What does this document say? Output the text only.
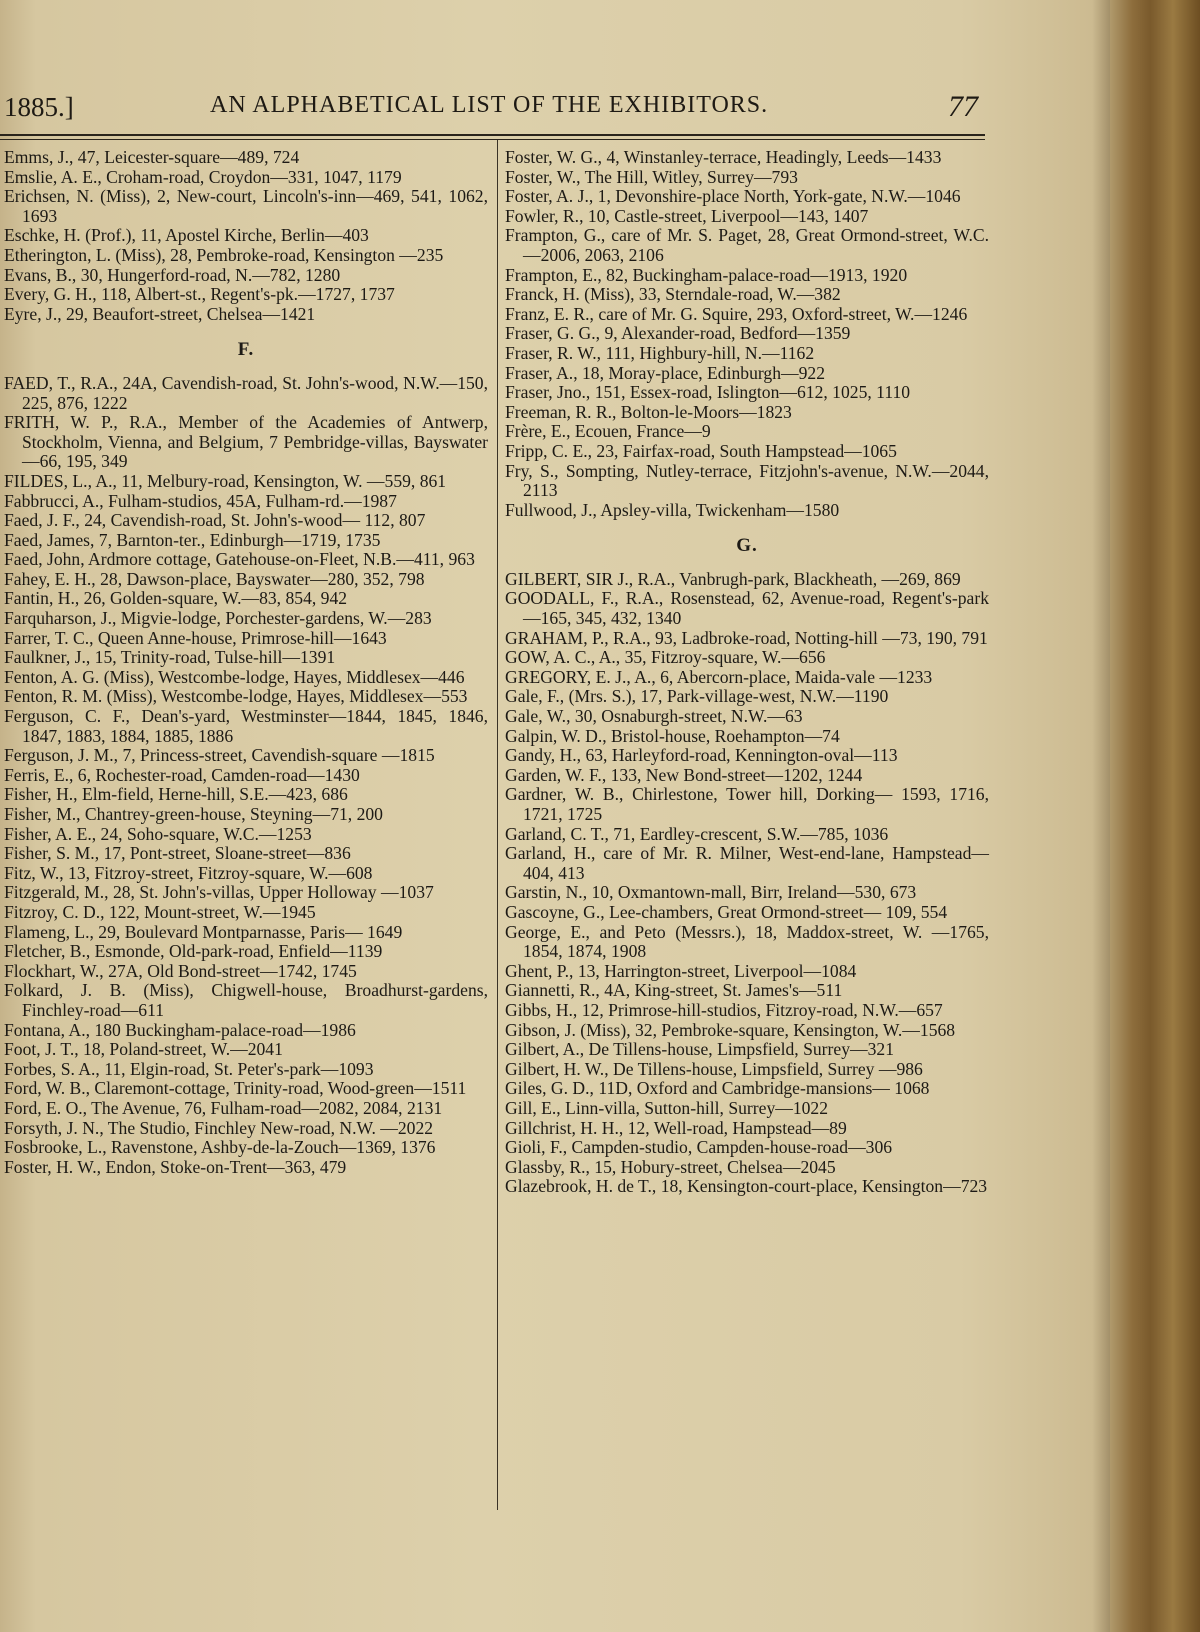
1885.]	AN ALPHABETICAL LIST OF THE EXHIBITORS.	77

Emms, J., 47, Leicester-square—489, 724

Emslie, A. E., Croham-road, Croydon—331, 1047, 1179

Erichsen, N. (Miss), 2, New-court, Lincoln's-inn—469, 541, 1062, 1693

Eschke, H. (Prof.), 11, Apostel Kirche, Berlin—403

Etherington, L. (Miss), 28, Pembroke-road, Kensington —235

Evans, B., 30, Hungerford-road, N.—782, 1280

Every, G. H., 118, Albert-st., Regent's-pk.—1727, 1737

Eyre, J., 29, Beaufort-street, Chelsea—1421

F.

FAED, T., R.A., 24A, Cavendish-road, St. John's-wood, N.W.—150, 225, 876, 1222

FRITH, W. P., R.A., Member of the Academies of Antwerp, Stockholm, Vienna, and Belgium, 7 Pembridge-villas, Bayswater—66, 195, 349

FILDES, L., A., 11, Melbury-road, Kensington, W. —559, 861

Fabbrucci, A., Fulham-studios, 45A, Fulham-rd.—1987

Faed, J. F., 24, Cavendish-road, St. John's-wood— 112, 807

Faed, James, 7, Barnton-ter., Edinburgh—1719, 1735

Faed, John, Ardmore cottage, Gatehouse-on-Fleet, N.B.—411, 963

Fahey, E. H., 28, Dawson-place, Bayswater—280, 352, 798

Fantin, H., 26, Golden-square, W.—83, 854, 942

Farquharson, J., Migvie-lodge, Porchester-gardens, W.—283

Farrer, T. C., Queen Anne-house, Primrose-hill—1643

Faulkner, J., 15, Trinity-road, Tulse-hill—1391

Fenton, A. G. (Miss), Westcombe-lodge, Hayes, Middlesex—446

Fenton, R. M. (Miss), Westcombe-lodge, Hayes, Middlesex—553

Ferguson, C. F., Dean's-yard, Westminster—1844, 1845, 1846, 1847, 1883, 1884, 1885, 1886

Ferguson, J. M., 7, Princess-street, Cavendish-square —1815

Ferris, E., 6, Rochester-road, Camden-road—1430

Fisher, H., Elm-field, Herne-hill, S.E.—423, 686

Fisher, M., Chantrey-green-house, Steyning—71, 200

Fisher, A. E., 24, Soho-square, W.C.—1253

Fisher, S. M., 17, Pont-street, Sloane-street—836

Fitz, W., 13, Fitzroy-street, Fitzroy-square, W.—608

Fitzgerald, M., 28, St. John's-villas, Upper Holloway —1037

Fitzroy, C. D., 122, Mount-street, W.—1945

Flameng, L., 29, Boulevard Montparnasse, Paris— 1649

Fletcher, B., Esmonde, Old-park-road, Enfield—1139

Flockhart, W., 27A, Old Bond-street—1742, 1745

Folkard, J. B. (Miss), Chigwell-house, Broadhurst-gardens, Finchley-road—611

Fontana, A., 180 Buckingham-palace-road—1986

Foot, J. T., 18, Poland-street, W.—2041

Forbes, S. A., 11, Elgin-road, St. Peter's-park—1093

Ford, W. B., Claremont-cottage, Trinity-road, Wood-green—1511

Ford, E. O., The Avenue, 76, Fulham-road—2082, 2084, 2131

Forsyth, J. N., The Studio, Finchley New-road, N.W. —2022

Fosbrooke, L., Ravenstone, Ashby-de-la-Zouch—1369, 1376

Foster, H. W., Endon, Stoke-on-Trent—363, 479

Foster, W. G., 4, Winstanley-terrace, Headingly, Leeds—1433

Foster, W., The Hill, Witley, Surrey—793

Foster, A. J., 1, Devonshire-place North, York-gate, N.W.—1046

Fowler, R., 10, Castle-street, Liverpool—143, 1407

Frampton, G., care of Mr. S. Paget, 28, Great Ormond-street, W.C.—2006, 2063, 2106

Frampton, E., 82, Buckingham-palace-road—1913, 1920

Franck, H. (Miss), 33, Sterndale-road, W.—382

Franz, E. R., care of Mr. G. Squire, 293, Oxford-street, W.—1246

Fraser, G. G., 9, Alexander-road, Bedford—1359

Fraser, R. W., 111, Highbury-hill, N.—1162

Fraser, A., 18, Moray-place, Edinburgh—922

Fraser, Jno., 151, Essex-road, Islington—612, 1025, 1110

Freeman, R. R., Bolton-le-Moors—1823

Frère, E., Ecouen, France—9

Fripp, C. E., 23, Fairfax-road, South Hampstead—1065

Fry, S., Sompting, Nutley-terrace, Fitzjohn's-avenue, N.W.—2044, 2113

Fullwood, J., Apsley-villa, Twickenham—1580

G.

GILBERT, SIR J., R.A., Vanbrugh-park, Blackheath, —269, 869

GOODALL, F., R.A., Rosenstead, 62, Avenue-road, Regent's-park—165, 345, 432, 1340

GRAHAM, P., R.A., 93, Ladbroke-road, Notting-hill —73, 190, 791

GOW, A. C., A., 35, Fitzroy-square, W.—656

GREGORY, E. J., A., 6, Abercorn-place, Maida-vale —1233

Gale, F., (Mrs. S.), 17, Park-village-west, N.W.—1190

Gale, W., 30, Osnaburgh-street, N.W.—63

Galpin, W. D., Bristol-house, Roehampton—74

Gandy, H., 63, Harleyford-road, Kennington-oval—113

Garden, W. F., 133, New Bond-street—1202, 1244

Gardner, W. B., Chirlestone, Tower hill, Dorking— 1593, 1716, 1721, 1725

Garland, C. T., 71, Eardley-crescent, S.W.—785, 1036

Garland, H., care of Mr. R. Milner, West-end-lane, Hampstead—404, 413

Garstin, N., 10, Oxmantown-mall, Birr, Ireland—530, 673

Gascoyne, G., Lee-chambers, Great Ormond-street— 109, 554

George, E., and Peto (Messrs.), 18, Maddox-street, W. —1765, 1854, 1874, 1908

Ghent, P., 13, Harrington-street, Liverpool—1084

Giannetti, R., 4A, King-street, St. James's—511

Gibbs, H., 12, Primrose-hill-studios, Fitzroy-road, N.W.—657

Gibson, J. (Miss), 32, Pembroke-square, Kensington, W.—1568

Gilbert, A., De Tillens-house, Limpsfield, Surrey—321

Gilbert, H. W., De Tillens-house, Limpsfield, Surrey —986

Giles, G. D., 11D, Oxford and Cambridge-mansions— 1068

Gill, E., Linn-villa, Sutton-hill, Surrey—1022

Gillchrist, H. H., 12, Well-road, Hampstead—89

Gioli, F., Campden-studio, Campden-house-road—306

Glassby, R., 15, Hobury-street, Chelsea—2045

Glazebrook, H. de T., 18, Kensington-court-place, Kensington—723
